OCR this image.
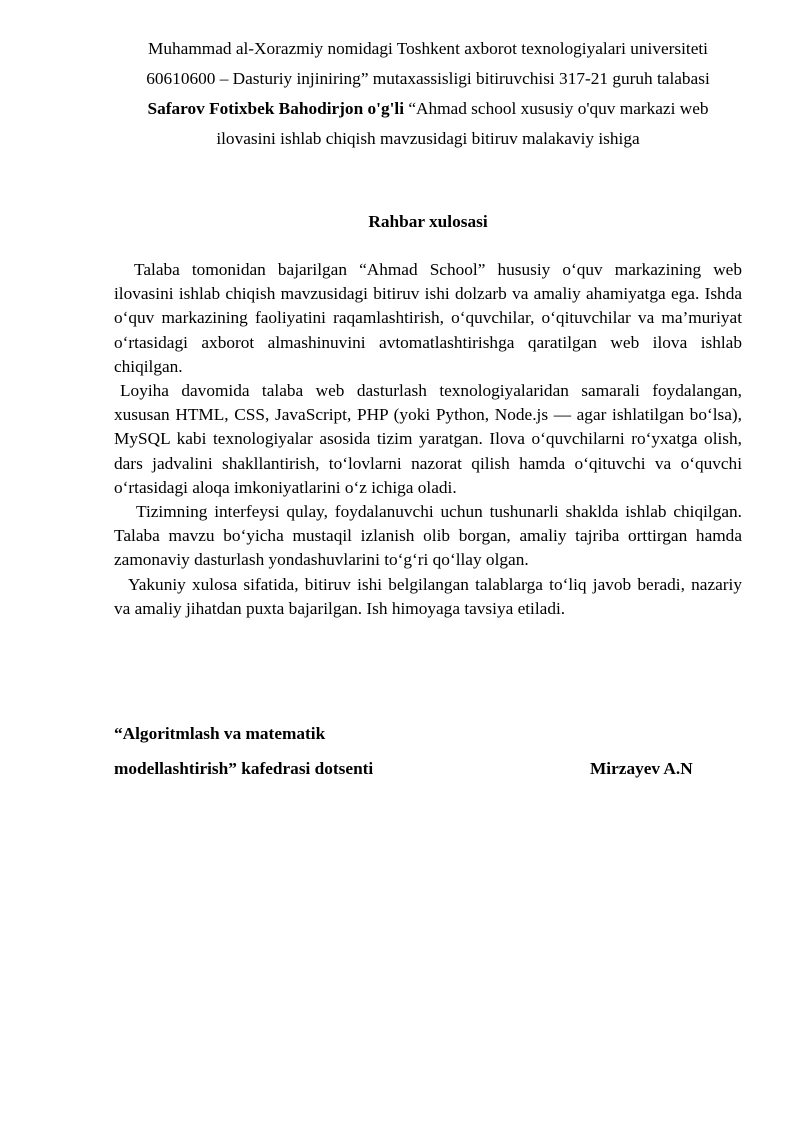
Muhammad al-Xorazmiy nomidagi Toshkent axborot texnologiyalari universiteti
60610600 – Dasturiy injiniring” mutaxassisligi bitiruvchisi 317-21 guruh talabasi
Safarov Fotixbek Bahodirjon o'g'li “Ahmad school xususiy o'quv markazi web
ilovasini ishlab chiqish mavzusidagi bitiruv malakaviy ishiga
Rahbar xulosasi

Talaba tomonidan bajarilgan “Ahmad School” hususiy o‘quv markazining web ilovasini ishlab chiqish mavzusidagi bitiruv ishi dolzarb va amaliy ahamiyatga ega. Ishda o‘quv markazining faoliyatini raqamlashtirish, o‘quvchilar, o‘qituvchilar va ma’muriyat o‘rtasidagi axborot almashinuvini avtomatlashtirishga qaratilgan web ilova ishlab chiqilgan.

Loyiha davomida talaba web dasturlash texnologiyalaridan samarali foydalangan, xususan HTML, CSS, JavaScript, PHP (yoki Python, Node.js — agar ishlatilgan bo‘lsa), MySQL kabi texnologiyalar asosida tizim yaratgan. Ilova o‘quvchilarni ro‘yxatga olish, dars jadvalini shakllantirish, to‘lovlarni nazorat qilish hamda o‘qituvchi va o‘quvchi o‘rtasidagi aloqa imkoniyatlarini o‘z ichiga oladi.

Tizimning interfeysi qulay, foydalanuvchi uchun tushunarli shaklda ishlab chiqilgan. Talaba mavzu bo‘yicha mustaqil izlanish olib borgan, amaliy tajriba orttirgan hamda zamonaviy dasturlash yondashuvlarini to‘g‘ri qo‘llay olgan.

Yakuniy xulosa sifatida, bitiruv ishi belgilangan talablarga to‘liq javob beradi, nazariy va amaliy jihatdan puxta bajarilgan. Ish himoyaga tavsiya etiladi.

“Algoritmlash va matematik
modellashtirish” kafedrasi dotsenti	Mirzayev A.N
